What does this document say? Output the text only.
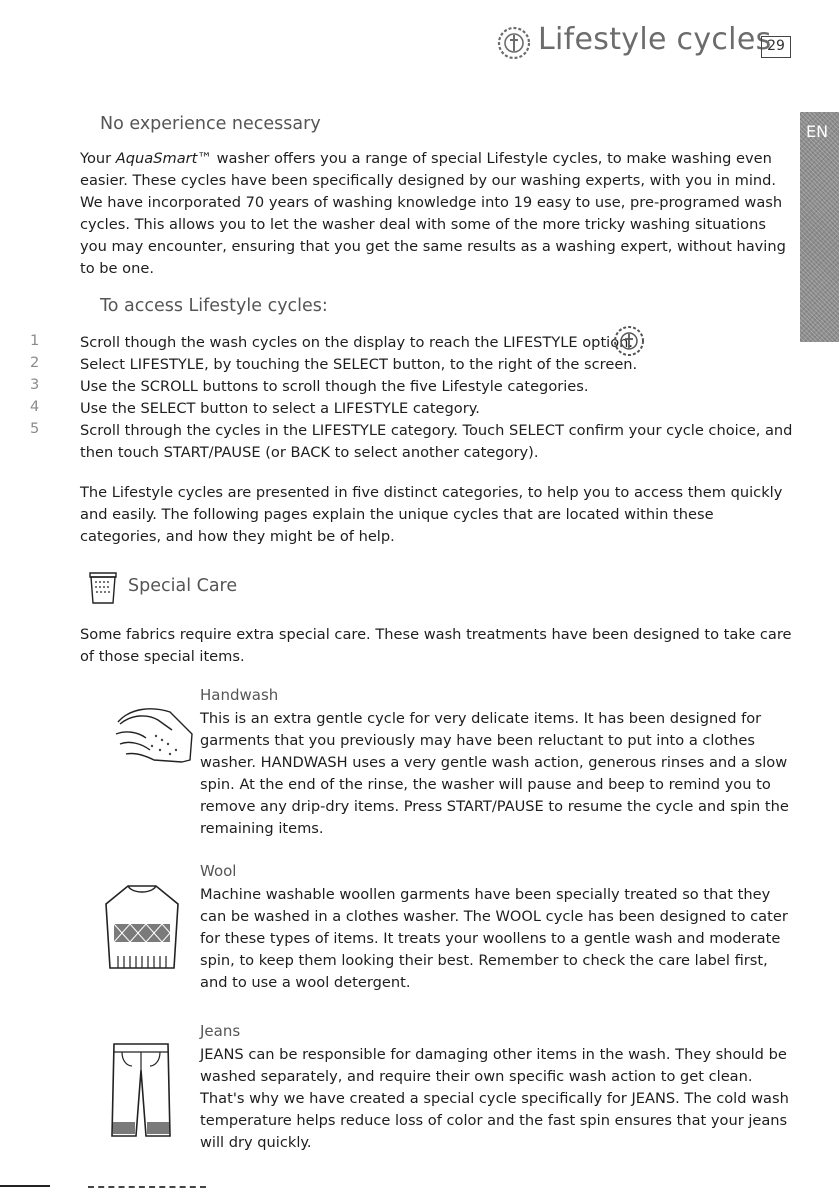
Lifestyle cycles
29
EN
No experience necessary
Your AquaSmart™ washer offers you a range of special Lifestyle cycles, to make washing even easier. These cycles have been specifically designed by our washing experts, with you in mind. We have incorporated 70 years of washing knowledge into 19 easy to use, pre-programed wash cycles. This allows you to let the washer deal with some of the more tricky washing situations you may encounter, ensuring that you get the same results as a washing expert, without having to be one.
To access Lifestyle cycles:
1	Scroll though the wash cycles on the display to reach the LIFESTYLE option.
2	Select LIFESTYLE, by touching the SELECT button, to the right of the screen.
3	Use the SCROLL buttons to scroll though the five Lifestyle categories.
4	Use the SELECT button to select a LIFESTYLE category.
5	Scroll through the cycles in the LIFESTYLE category. Touch SELECT confirm your cycle choice, and then touch START/PAUSE (or BACK to select another category).
The Lifestyle cycles are presented in five distinct categories, to help you to access them quickly and easily. The following pages explain the unique cycles that are located within these categories, and how they might be of help.
Special Care
Some fabrics require extra special care. These wash treatments have been designed to take care of those special items.
Handwash
This is an extra gentle cycle for very delicate items. It has been designed for garments that you previously may have been reluctant to put into a clothes washer. HANDWASH uses a very gentle wash action, generous rinses and a slow spin. At the end of the rinse, the washer will pause and beep to remind you to remove any drip-dry items. Press START/PAUSE to resume the cycle and spin the remaining items.
Wool
Machine washable woollen garments have been specially treated so that they can be washed in a clothes washer. The WOOL cycle has been designed to cater for these types of items. It treats your woollens to a gentle wash and moderate spin, to keep them looking their best. Remember to check the care label first, and to use a wool detergent.
Jeans
JEANS can be responsible for damaging other items in the wash. They should be washed separately, and require their own specific wash action to get clean. That's why we have created a special cycle specifically for JEANS. The cold wash temperature helps reduce loss of color and the fast spin ensures that your jeans will dry quickly.
